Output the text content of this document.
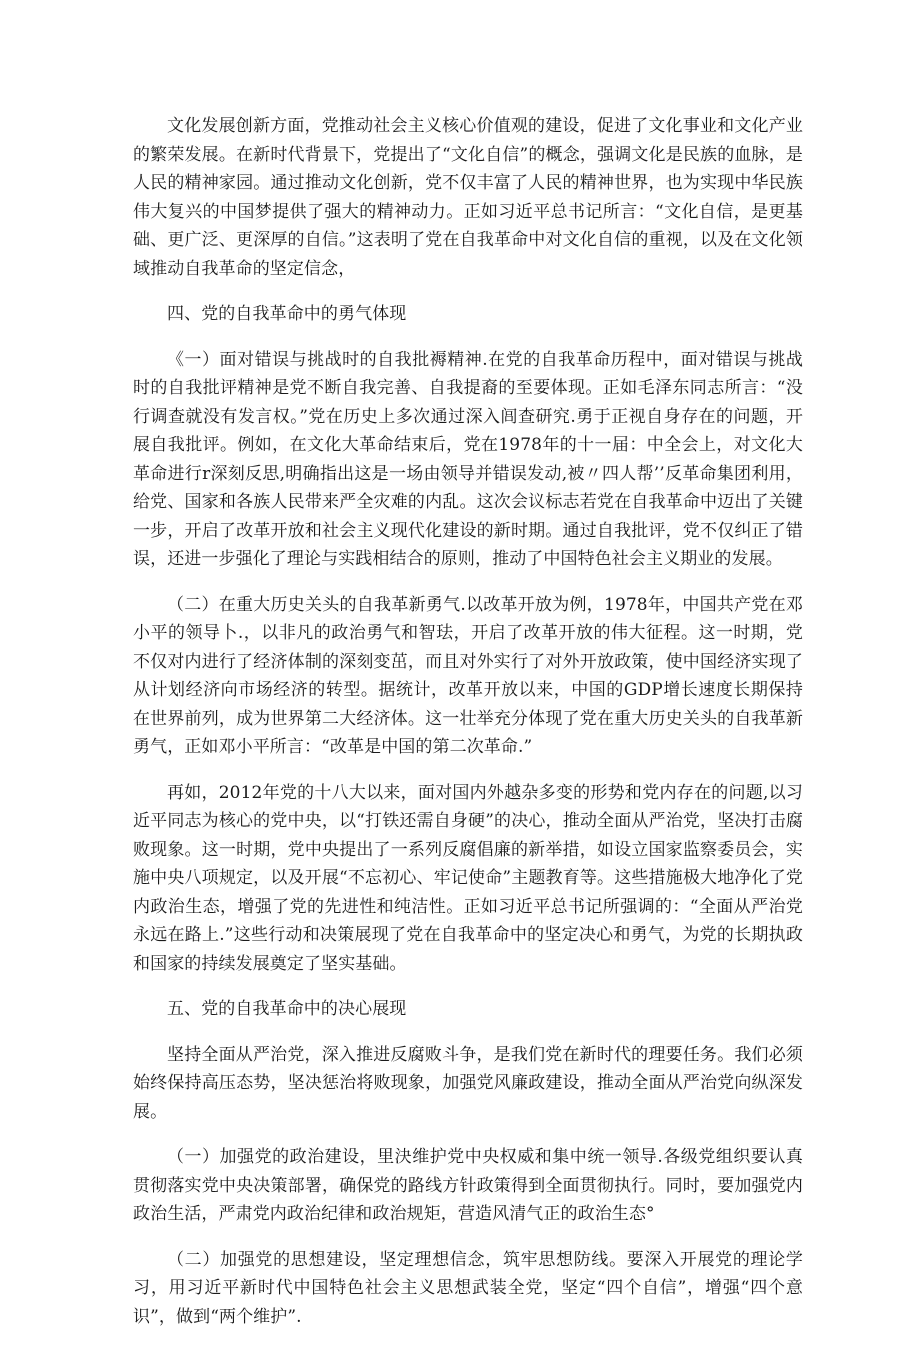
文化发展创新方面，党推动社会主义核心价值观的建设，促进了文化事业和文化产业的繁荣发展。在新时代背景下，党提出了“文化自信”的概念，强调文化是民族的血脉，是人民的精神家园。通过推动文化创新，党不仅丰富了人民的精神世界，也为实现中华民族伟大复兴的中国梦提供了强大的精神动力。正如习近平总书记所言：“文化自信，是更基础、更广泛、更深厚的自信。”这表明了党在自我革命中对文化自信的重视，以及在文化领域推动自我革命的坚定信念，

四、党的自我革命中的勇气体现

《一）面对错误与挑战时的自我批褥精神.在党的自我革命历程中，面对错误与挑战时的自我批评精神是党不断自我完善、自我提裔的至要体现。正如毛泽东同志所言：“没行调查就没有发言权。”党在历史上多次通过深入闾查研究.勇于正视自身存在的问题，开展自我批评。例如，在文化大革命结束后，党在1978年的十一届：中全会上，对文化大革命进行r深刻反思,明确指出这是一场由领导并错误发动,被〃四人帮’’反革命集团利用，给党、国家和各族人民带来严全灾难的内乱。这次会议标志若党在自我革命中迈出了关键一步，开启了改革开放和社会主义现代化建设的新时期。通过自我批评，党不仅纠正了错误，还进一步强化了理论与实践相结合的原则，推动了中国特色社会主义期业的发展。

（二）在重大历史关头的自我革新勇气.以改革开放为例，1978年，中国共产党在邓小平的领导卜.，以非凡的政治勇气和智珐，开启了改革开放的伟大征程。这一时期，党不仅对内进行了经济体制的深刻变茁，而且对外实行了对外开放政策，使中国经济实现了从计划经济向市场经济的转型。据统计，改革开放以来，中国的GDP增长速度长期保持在世界前列，成为世界第二大经济体。这一壮举充分体现了党在重大历史关头的自我革新勇气，正如邓小平所言：“改革是中国的第二次革命.”

再如，2012年党的十八大以来，面对国内外越杂多变的形势和党内存在的问题,以习近平同志为核心的党中央，以“打铁还需自身硬”的决心，推动全面从严治党，坚决打击腐败现象。这一时期，党中央提出了一系列反腐倡廉的新举措，如设立国家监察委员会，实施中央八项规定，以及开展“不忘初心、牢记使命”主题教育等。这些措施极大地净化了党内政治生态，增强了党的先进性和纯洁性。正如习近平总书记所强调的：“全面从严治党永远在路上.”这些行动和决策展现了党在自我革命中的坚定决心和勇气，为党的长期执政和国家的持续发展奠定了坚实基础。

五、党的自我革命中的决心展现

坚持全面从严治党，深入推进反腐败斗争，是我们党在新时代的理要任务。我们必须始终保持高压态势，坚决惩治将败现象，加强党风廉政建设，推动全面从严治党向纵深发展。

（一）加强党的政治建设，里決维护党中央权威和集中统一领导.各级党组织要认真贯彻落实党中央决策部署，确保党的路线方针政策得到全面贯彻执行。同时，要加强党内政治生活，严肃党内政治纪律和政治规矩，营造风清气正的政治生态°

（二）加强党的思想建设，坚定理想信念，筑牢思想防线。要深入开展党的理论学习，用习近平新时代中国特色社会主义思想武装全党，坚定“四个自信”，增强“四个意识”，做到“两个维护”.
